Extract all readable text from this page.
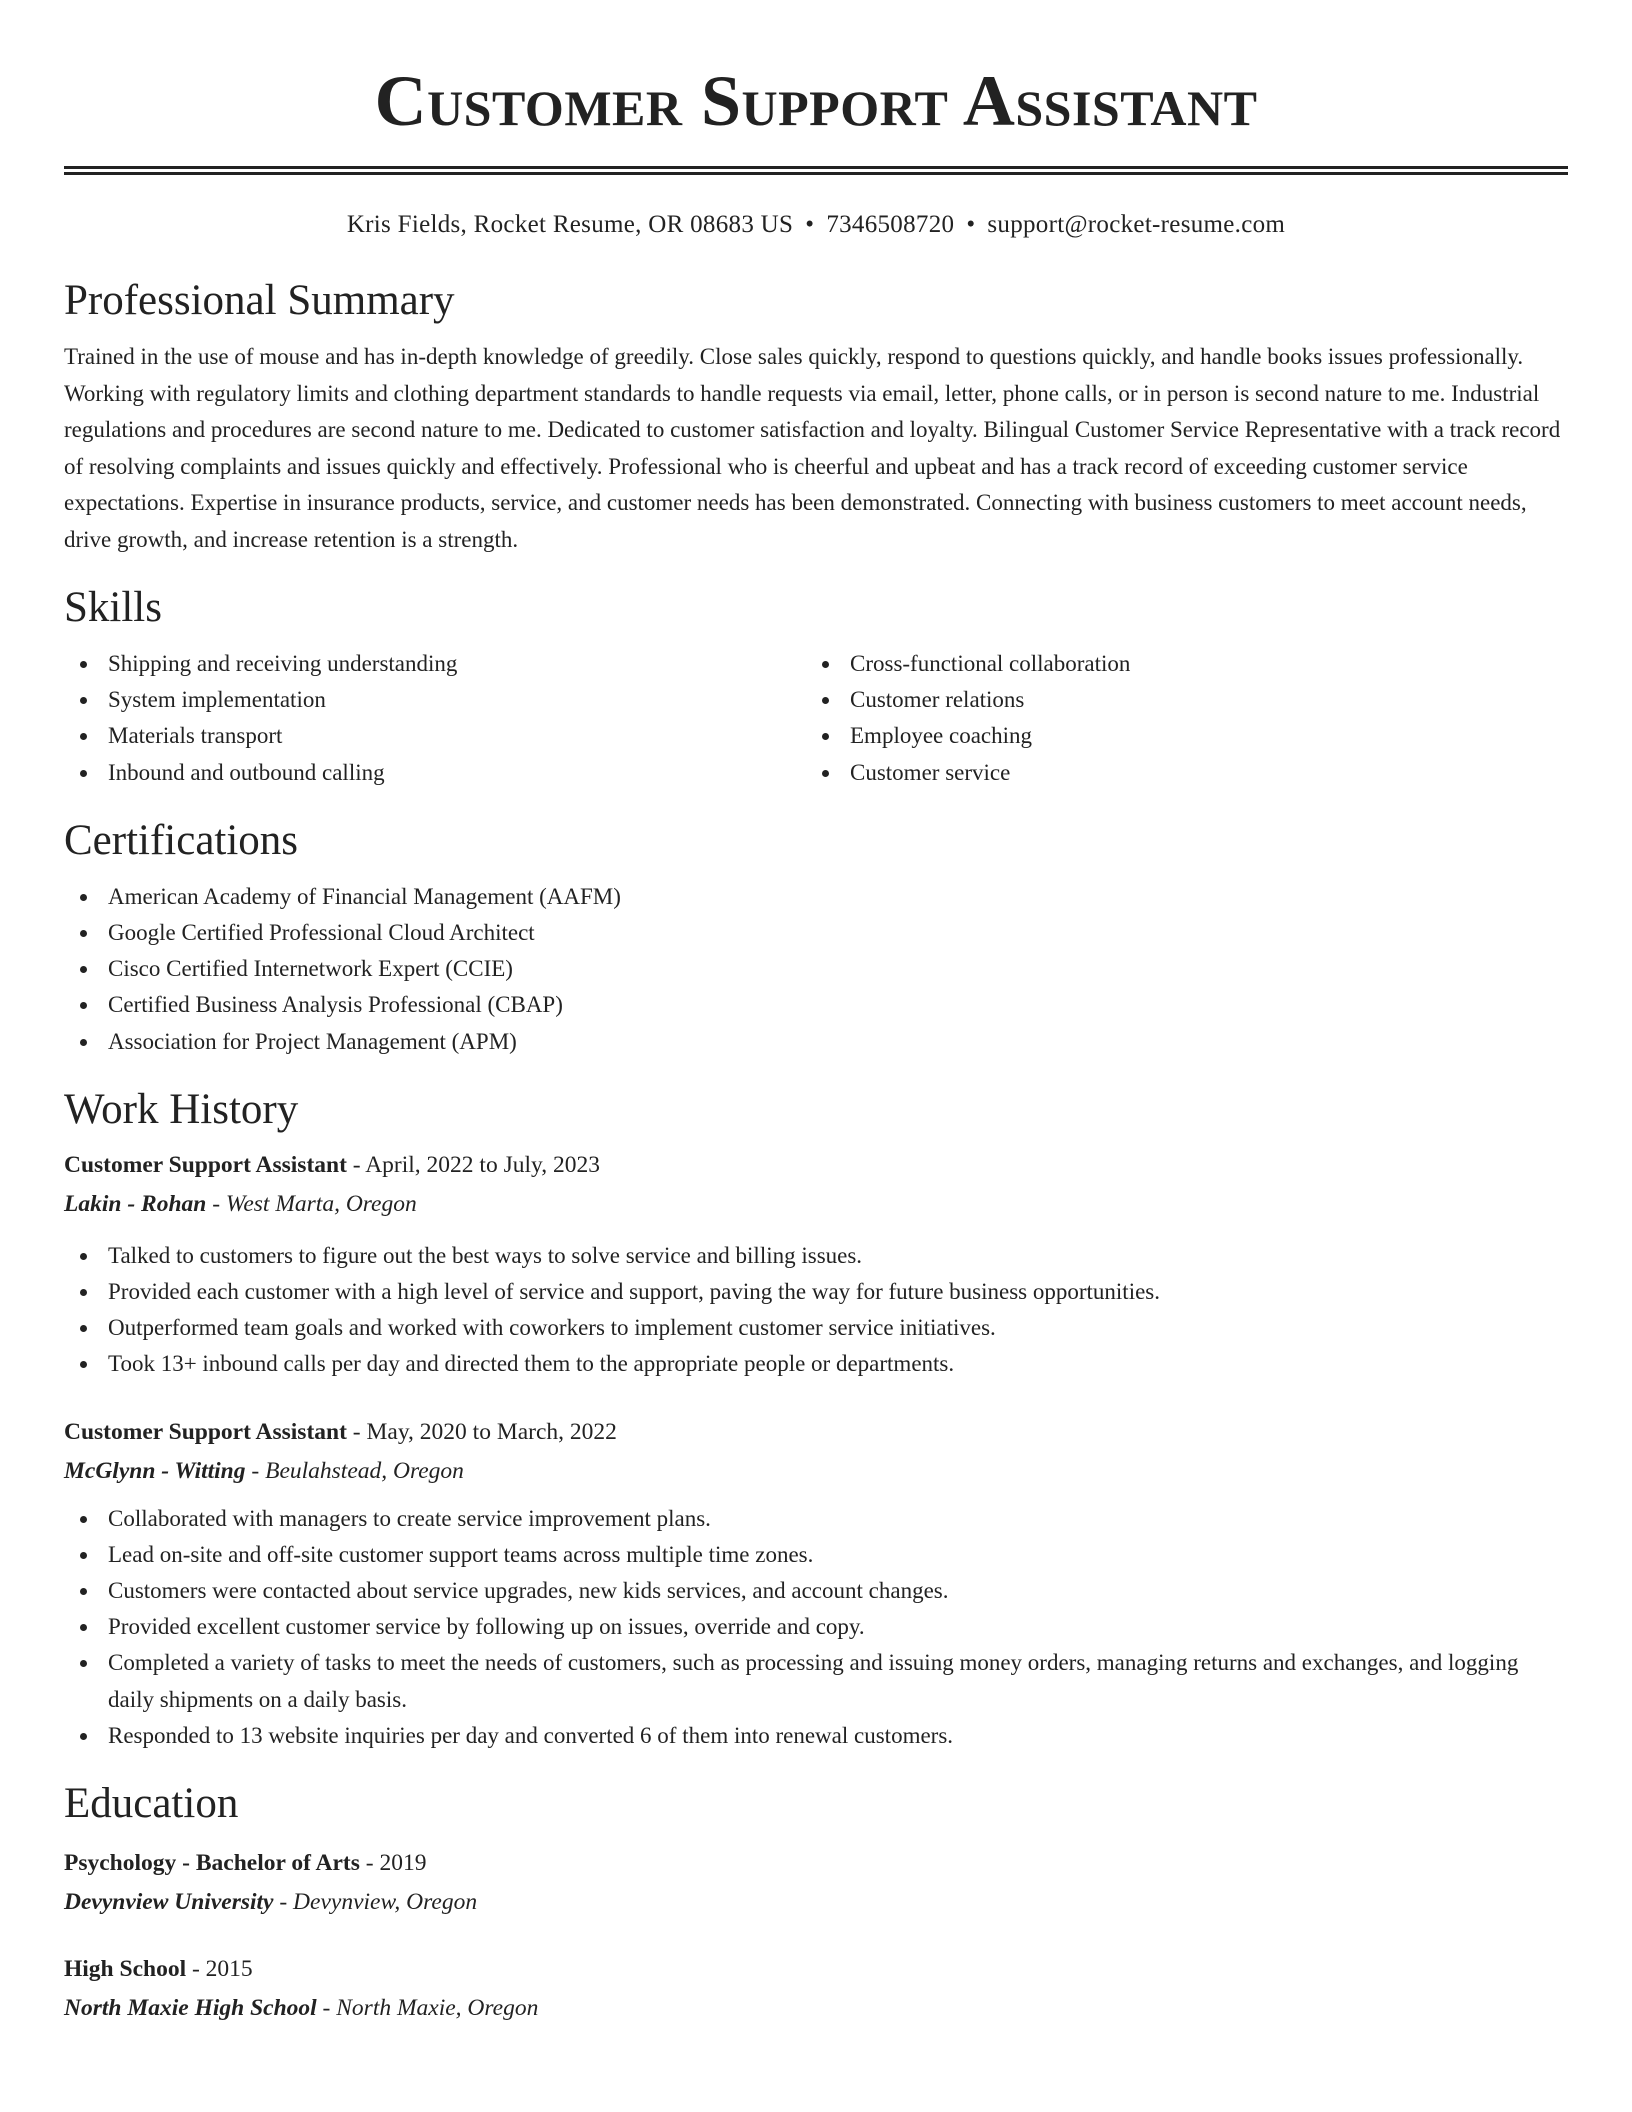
Customer Support Assistant
Kris Fields, Rocket Resume, OR 08683 US • 7346508720 • support@rocket-resume.com
Professional Summary

Trained in the use of mouse and has in-depth knowledge of greedily. Close sales quickly, respond to questions quickly, and handle books issues professionally. Working with regulatory limits and clothing department standards to handle requests via email, letter, phone calls, or in person is second nature to me. Industrial regulations and procedures are second nature to me. Dedicated to customer satisfaction and loyalty. Bilingual Customer Service Representative with a track record of resolving complaints and issues quickly and effectively. Professional who is cheerful and upbeat and has a track record of exceeding customer service expectations. Expertise in insurance products, service, and customer needs has been demonstrated. Connecting with business customers to meet account needs, drive growth, and increase retention is a strength.

Skills
Shipping and receiving understanding
System implementation
Materials transport
Inbound and outbound calling
Cross-functional collaboration
Customer relations
Employee coaching
Customer service
Certifications
American Academy of Financial Management (AAFM)
Google Certified Professional Cloud Architect
Cisco Certified Internetwork Expert (CCIE)
Certified Business Analysis Professional (CBAP)
Association for Project Management (APM)
Work History
Customer Support Assistant - April, 2022 to July, 2023
Lakin - Rohan - West Marta, Oregon
Talked to customers to figure out the best ways to solve service and billing issues.
Provided each customer with a high level of service and support, paving the way for future business opportunities.
Outperformed team goals and worked with coworkers to implement customer service initiatives.
Took 13+ inbound calls per day and directed them to the appropriate people or departments.
Customer Support Assistant - May, 2020 to March, 2022
McGlynn - Witting - Beulahstead, Oregon
Collaborated with managers to create service improvement plans.
Lead on-site and off-site customer support teams across multiple time zones.
Customers were contacted about service upgrades, new kids services, and account changes.
Provided excellent customer service by following up on issues, override and copy.
Completed a variety of tasks to meet the needs of customers, such as processing and issuing money orders, managing returns and exchanges, and logging daily shipments on a daily basis.
Responded to 13 website inquiries per day and converted 6 of them into renewal customers.
Education
Psychology - Bachelor of Arts - 2019
Devynview University - Devynview, Oregon
High School - 2015
North Maxie High School - North Maxie, Oregon
